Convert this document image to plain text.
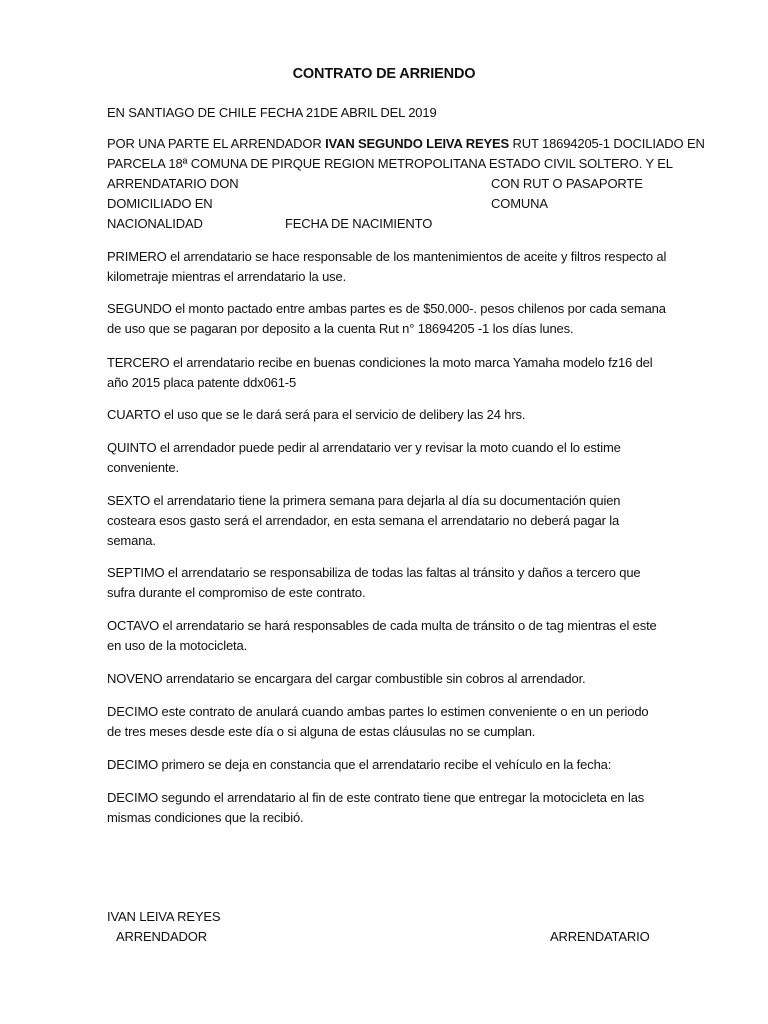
CONTRATO DE ARRIENDO
EN SANTIAGO DE CHILE FECHA 21DE ABRIL DEL 2019
POR UNA PARTE EL ARRENDADOR IVAN SEGUNDO LEIVA REYES RUT 18694205-1 DOCILIADO EN
PARCELA 18ª COMUNA DE PIRQUE REGION METROPOLITANA ESTADO CIVIL SOLTERO. Y EL
ARRENDATARIO DON	CON RUT O PASAPORTE
DOMICILIADO EN	COMUNA
NACIONALIDAD	FECHA DE NACIMIENTO
PRIMERO el arrendatario se hace responsable de los mantenimientos de aceite y filtros respecto al
kilometraje mientras el arrendatario la use.
SEGUNDO el monto pactado entre ambas partes es de $50.000-. pesos chilenos por cada semana
de uso que se pagaran por deposito a la cuenta Rut n° 18694205 -1 los días lunes.
TERCERO el arrendatario recibe en buenas condiciones la moto marca Yamaha modelo fz16 del
año 2015 placa patente ddx061-5
CUARTO el uso que se le dará será para el servicio de delibery las 24 hrs.
QUINTO el arrendador puede pedir al arrendatario ver y revisar la moto cuando el lo estime
conveniente.
SEXTO el arrendatario tiene la primera semana para dejarla al día su documentación quien
costeara esos gasto será el arrendador, en esta semana el arrendatario no deberá pagar la
semana.
SEPTIMO el arrendatario se responsabiliza de todas las faltas al tránsito y daños a tercero que
sufra durante el compromiso de este contrato.
OCTAVO el arrendatario se hará responsables de cada multa de tránsito o de tag mientras el este
en uso de la motocicleta.
NOVENO arrendatario se encargara del cargar combustible sin cobros al arrendador.
DECIMO este contrato de anulará cuando ambas partes lo estimen conveniente o en un periodo
de tres meses desde este día o si alguna de estas cláusulas no se cumplan.
DECIMO primero se deja en constancia que el arrendatario recibe el vehículo en la fecha:
DECIMO segundo el arrendatario al fin de este contrato tiene que entregar la motocicleta en las
mismas condiciones que la recibió.
IVAN LEIVA REYES
ARRENDADOR	ARRENDATARIO
